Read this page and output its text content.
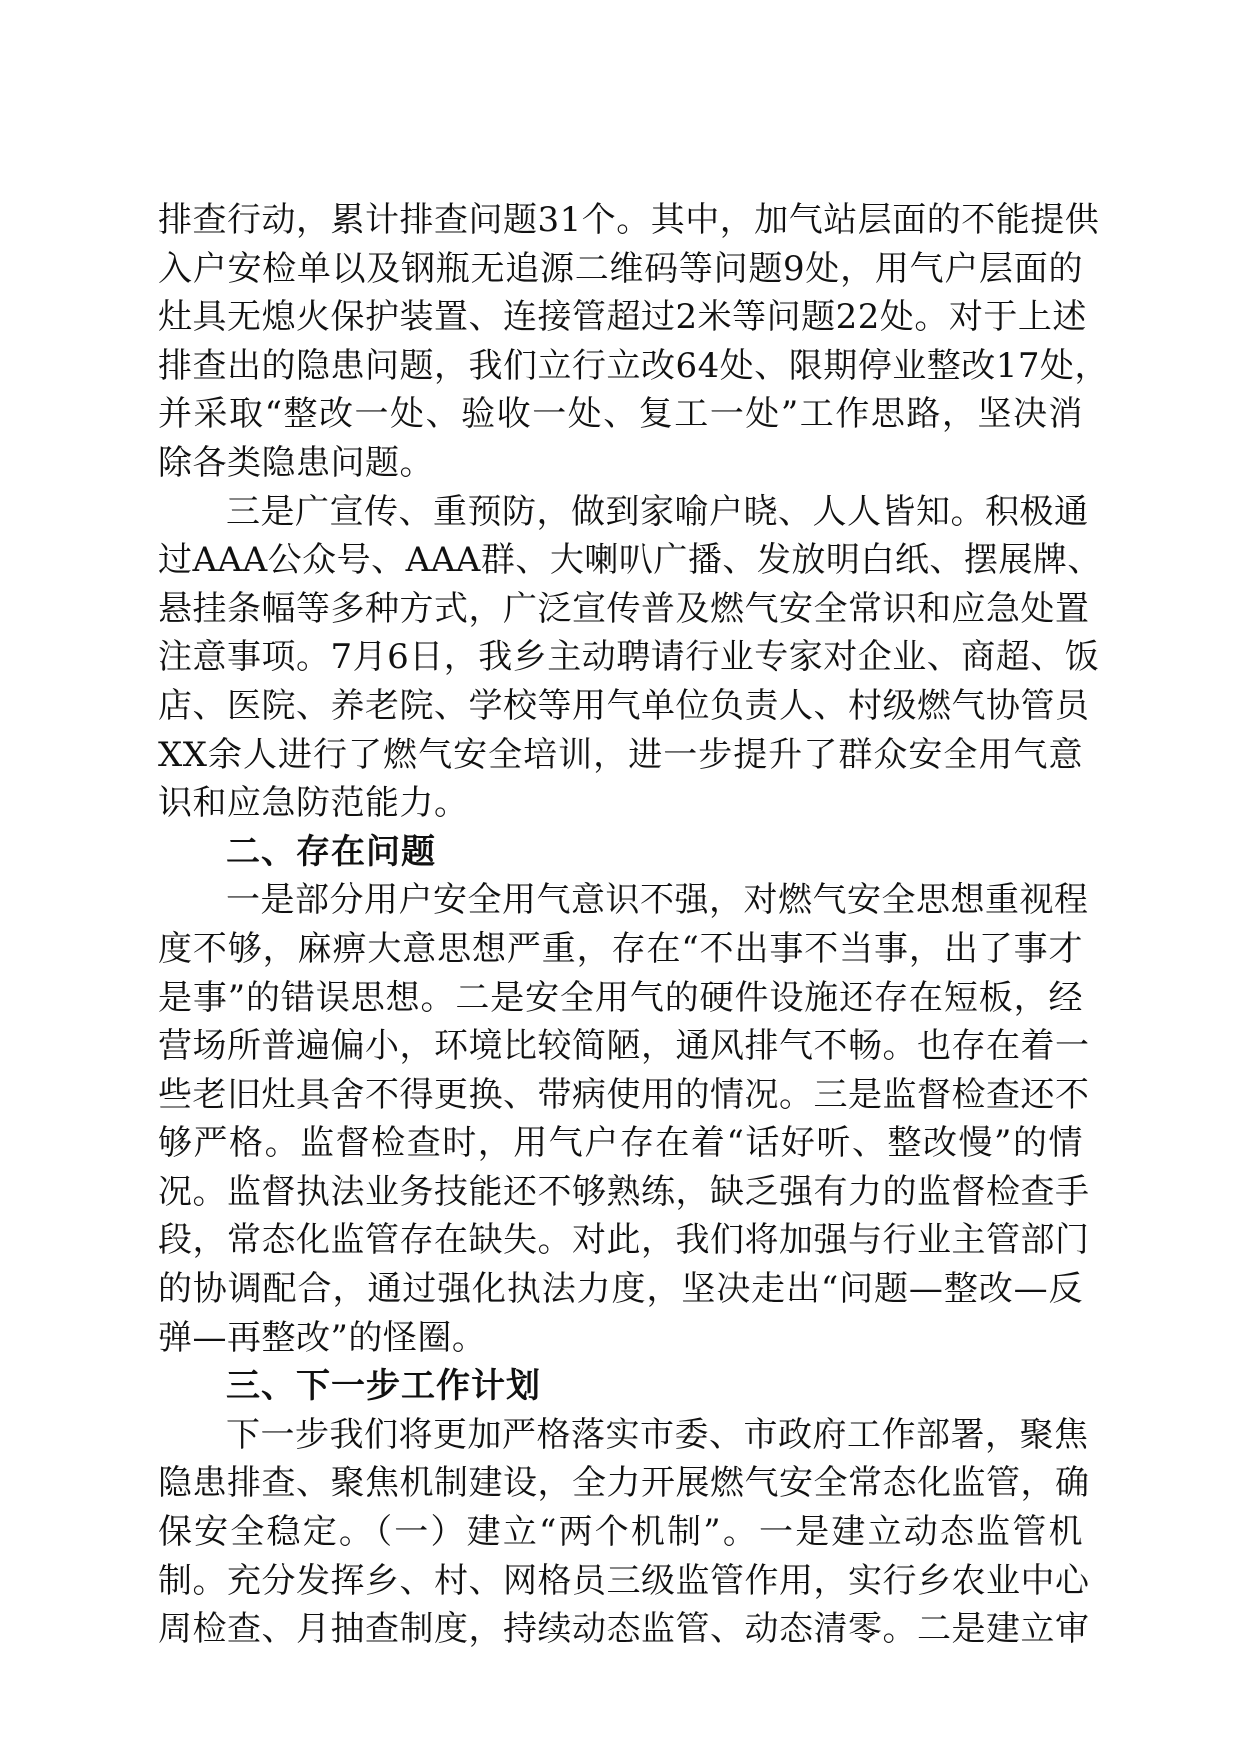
排查行动，累计排查问题31个。其中，加气站层面的不能提供
入户安检单以及钢瓶无追源二维码等问题9处，用气户层面的
灶具无熄火保护装置、连接管超过2米等问题22处。对于上述
排查出的隐患问题，我们立行立改64处、限期停业整改17处，
并采取“整改一处、验收一处、复工一处”工作思路，坚决消
除各类隐患问题。
三是广宣传、重预防，做到家喻户晓、人人皆知。积极通
过AAA公众号、AAA群、大喇叭广播、发放明白纸、摆展牌、
悬挂条幅等多种方式，广泛宣传普及燃气安全常识和应急处置
注意事项。7月6日，我乡主动聘请行业专家对企业、商超、饭
店、医院、养老院、学校等用气单位负责人、村级燃气协管员
XX余人进行了燃气安全培训，进一步提升了群众安全用气意
识和应急防范能力。
二、存在问题
一是部分用户安全用气意识不强，对燃气安全思想重视程
度不够，麻痹大意思想严重，存在“不出事不当事，出了事才
是事”的错误思想。二是安全用气的硬件设施还存在短板，经
营场所普遍偏小，环境比较简陋，通风排气不畅。也存在着一
些老旧灶具舍不得更换、带病使用的情况。三是监督检查还不
够严格。监督检查时，用气户存在着“话好听、整改慢”的情
况。监督执法业务技能还不够熟练，缺乏强有力的监督检查手
段，常态化监管存在缺失。对此，我们将加强与行业主管部门
的协调配合，通过强化执法力度，坚决走出“问题—整改—反
弹—再整改”的怪圈。
三、下一步工作计划
下一步我们将更加严格落实市委、市政府工作部署，聚焦
隐患排查、聚焦机制建设，全力开展燃气安全常态化监管，确
保安全稳定。（一）建立“两个机制”。一是建立动态监管机
制。充分发挥乡、村、网格员三级监管作用，实行乡农业中心
周检查、月抽查制度，持续动态监管、动态清零。二是建立审
